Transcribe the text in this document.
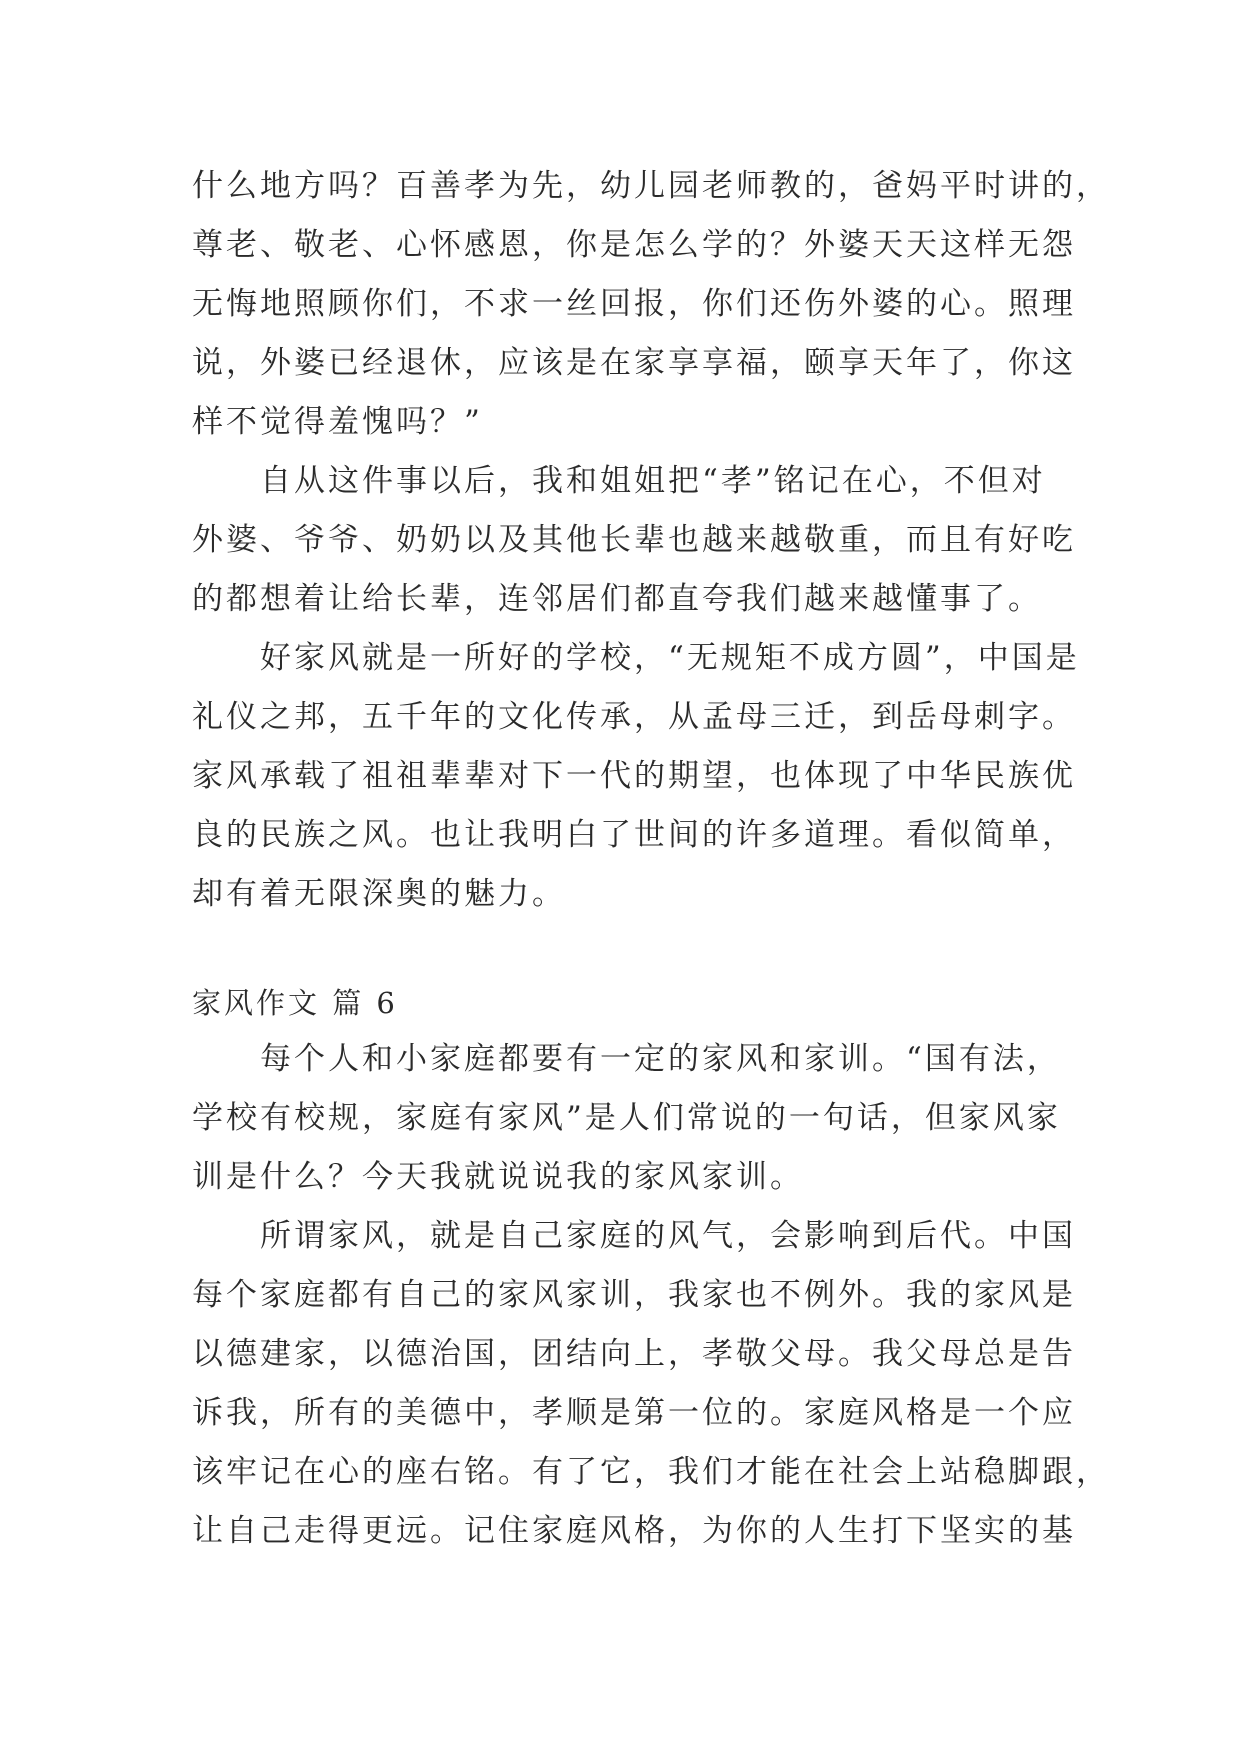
什么地方吗？百善孝为先，幼儿园老师教的，爸妈平时讲的，
尊老、敬老、心怀感恩，你是怎么学的？外婆天天这样无怨
无悔地照顾你们，不求一丝回报，你们还伤外婆的心。照理
说，外婆已经退休，应该是在家享享福，颐享天年了，你这
样不觉得羞愧吗？”
　　自从这件事以后，我和姐姐把“孝”铭记在心，不但对
外婆、爷爷、奶奶以及其他长辈也越来越敬重，而且有好吃
的都想着让给长辈，连邻居们都直夸我们越来越懂事了。
　　好家风就是一所好的学校，“无规矩不成方圆”，中国是
礼仪之邦，五千年的文化传承，从孟母三迁，到岳母刺字。
家风承载了祖祖辈辈对下一代的期望，也体现了中华民族优
良的民族之风。也让我明白了世间的许多道理。看似简单，
却有着无限深奥的魅力。
家风作文 篇 6
　　每个人和小家庭都要有一定的家风和家训。“国有法，
学校有校规，家庭有家风”是人们常说的一句话，但家风家
训是什么？今天我就说说我的家风家训。
　　所谓家风，就是自己家庭的风气，会影响到后代。中国
每个家庭都有自己的家风家训，我家也不例外。我的家风是
以德建家，以德治国，团结向上，孝敬父母。我父母总是告
诉我，所有的美德中，孝顺是第一位的。家庭风格是一个应
该牢记在心的座右铭。有了它，我们才能在社会上站稳脚跟，
让自己走得更远。记住家庭风格，为你的人生打下坚实的基
